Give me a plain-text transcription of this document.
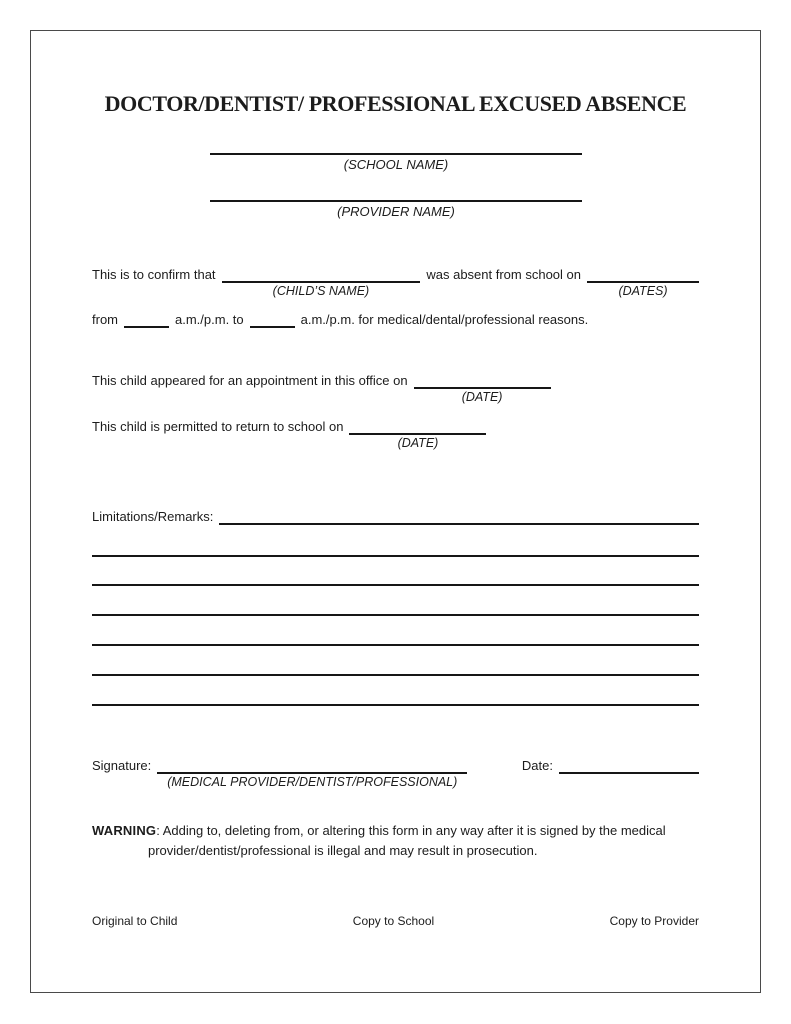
DOCTOR/DENTIST/ PROFESSIONAL EXCUSED ABSENCE
(SCHOOL NAME)
(PROVIDER NAME)
This is to confirm that
(CHILD’S NAME)
was absent from school on
(DATES)
from	a.m./p.m. to	a.m./p.m. for medical/dental/professional reasons.
This child appeared for an appointment in this office on
(DATE)
This child is permitted to return to school on
(DATE)
Limitations/Remarks:
Signature:
(MEDICAL PROVIDER/DENTIST/PROFESSIONAL)
Date:

WARNING: Adding to, deleting from, or altering this form in any way after it is signed by the medical provider/dentist/professional is illegal and may result in prosecution.

Original to Child	Copy to School	Copy to Provider
